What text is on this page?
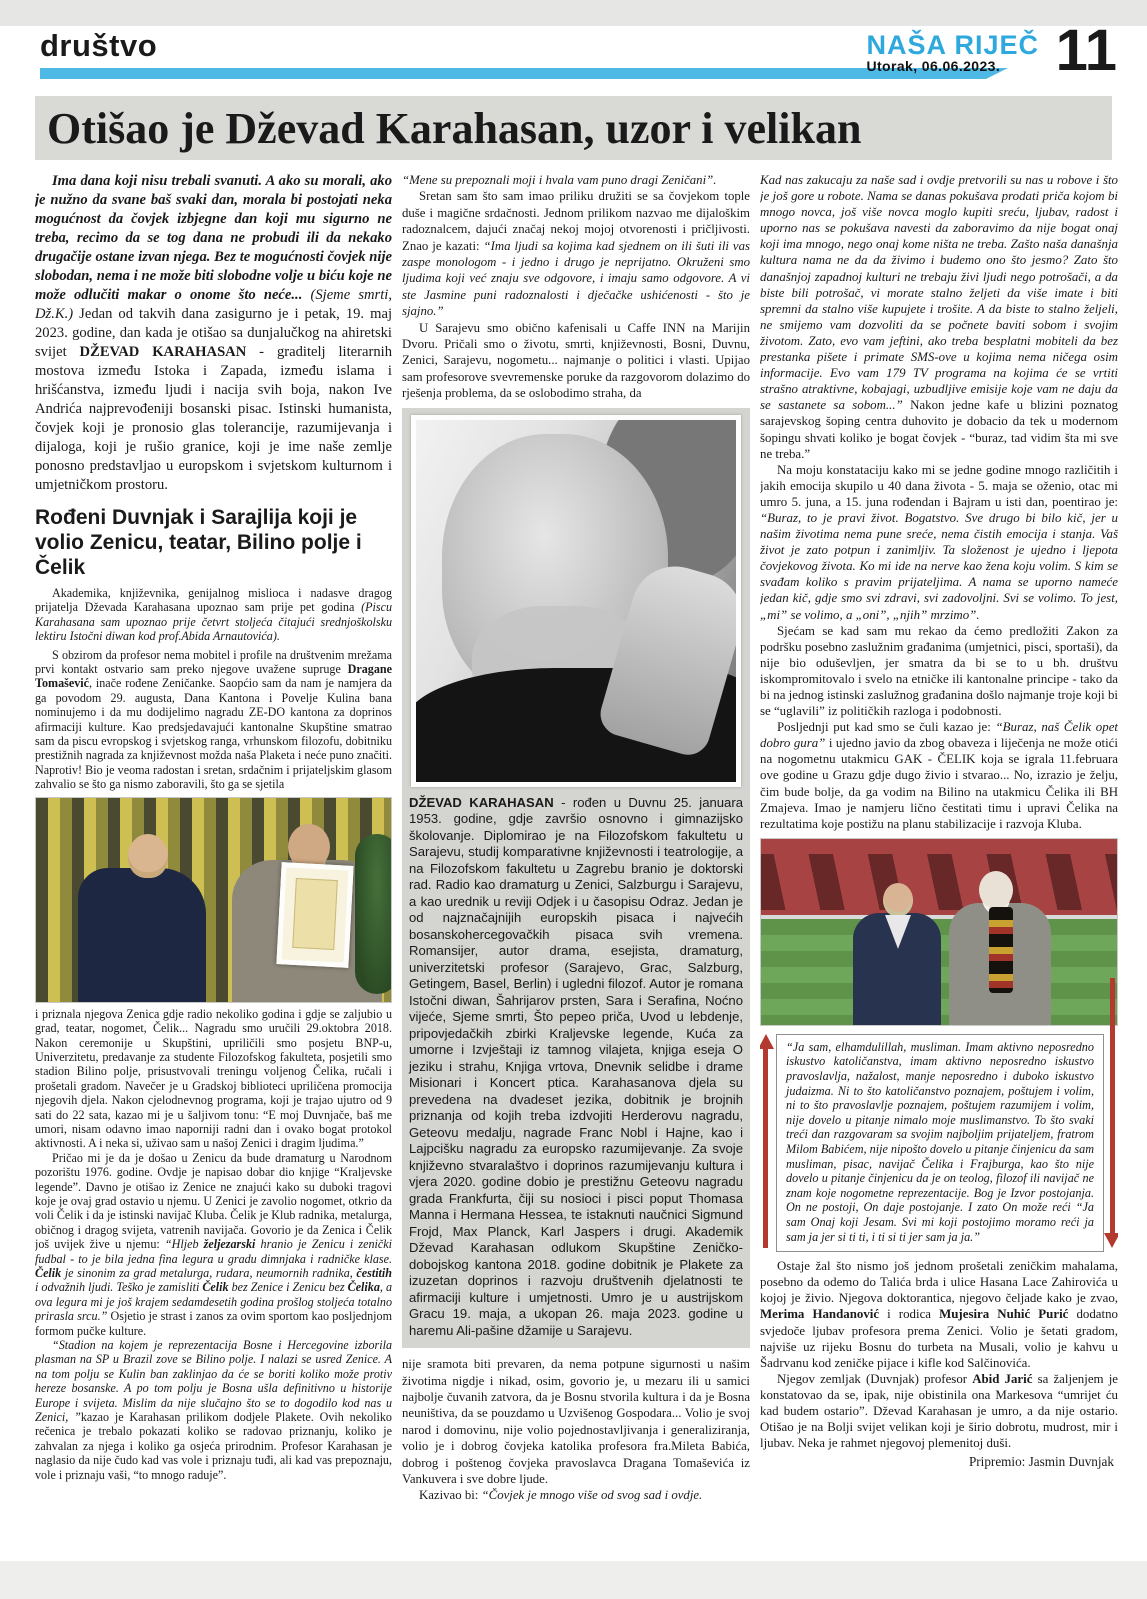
društvo	NAŠA RIJEČ
Utorak, 06.06.2023. 11
Otišao je Dževad Karahasan, uzor i velikan

Ima dana koji nisu trebali svanuti. A ako su morali, ako je nužno da svane baš svaki dan, morala bi postojati neka mogućnost da čovjek izbjegne dan koji mu sigurno ne treba, recimo da se tog dana ne probudi ili da nekako drugačije ostane izvan njega. Bez te mogućnosti čovjek nije slobodan, nema i ne može biti slobodne volje u biću koje ne može odlučiti makar o onome što neće... (Sjeme smrti, Dž.K.) Jedan od takvih dana zasigurno je i petak, 19. maj 2023. godine, dan kada je otišao sa dunjalučkog na ahiretski svijet DŽEVAD KARAHASAN - graditelj literarnih mostova između Istoka i Zapada, između islama i hrišćanstva, između ljudi i nacija svih boja, nakon Ive Andrića najprevođeniji bosanski pisac. Istinski humanista, čovjek koji je pronosio glas tolerancije, razumijevanja i dijaloga, koji je rušio granice, koji je ime naše zemlje ponosno predstavljao u europskom i svjetskom kulturnom i umjetničkom prostoru.

Rođeni Duvnjak i Sarajlija koji je volio Zenicu, teatar, Bilino polje i Čelik

Akademika, književnika, genijalnog mislioca i nadasve dragog prijatelja Dževada Karahasana upoznao sam prije pet godina (Piscu Karahasana sam upoznao prije četvrt stoljeća čitajući srednjoškolsku lektiru Istočni diwan kod prof.Abida Arnautovića).

S obzirom da profesor nema mobitel i profile na društvenim mrežama prvi kontakt ostvario sam preko njegove uvažene supruge Dragane Tomašević, inače rođene Zeničanke. Saopćio sam da nam je namjera da ga povodom 29. augusta, Dana Kantona i Povelje Kulina bana nominujemo i da mu dodijelimo nagradu ZE-DO kantona za doprinos afirmaciji kulture. Kao predsjedavajući kantonalne Skupštine smatrao sam da piscu evropskog i svjetskog ranga, vrhunskom filozofu, dobitniku prestižnih nagrada za književnost možda naša Plaketa i neće puno značiti. Naprotiv! Bio je veoma radostan i sretan, srdačnim i prijateljskim glasom zahvalio se što ga nismo zaboravili, što ga se sjetila

i priznala njegova Zenica gdje radio nekoliko godina i gdje se zaljubio u grad, teatar, nogomet, Čelik... Nagradu smo uručili 29.oktobra 2018. Nakon ceremonije u Skupštini, upriličili smo posjetu BNP-u, Univerzitetu, predavanje za studente Filozofskog fakulteta, posjetili smo stadion Bilino polje, prisustvovali treningu voljenog Čelika, ručali i prošetali gradom. Navečer je u Gradskoj biblioteci upriličena promocija njegovih djela. Nakon cjelodnevnog programa, koji je trajao ujutro od 9 sati do 22 sata, kazao mi je u šaljivom tonu: “E moj Duvnjače, baš me umori, nisam odavno imao naporniji radni dan i ovako bogat protokol aktivnosti. A i neka si, uživao sam u našoj Zenici i dragim ljudima.”

Pričao mi je da je došao u Zenicu da bude dramaturg u Narodnom pozorištu 1976. godine. Ovdje je napisao dobar dio knjige “Kraljevske legende”. Davno je otišao iz Zenice ne znajući kako su duboki tragovi koje je ovaj grad ostavio u njemu. U Zenici je zavolio nogomet, otkrio da voli Čelik i da je istinski navijač Kluba. Čelik je Klub radnika, metalurga, običnog i dragog svijeta, vatrenih navijača. Govorio je da Zenica i Čelik još uvijek žive u njemu: “Hljeb željezarski hranio je Zenicu i zenički fudbal - to je bila jedna fina legura u gradu dimnjaka i radničke klase. Čelik je sinonim za grad metalurga, rudara, neumornih radnika, čestitih i odvažnih ljudi. Teško je zamisliti Čelik bez Zenice i Zenicu bez Čelika, a ova legura mi je još krajem sedamdesetih godina prošlog stoljeća totalno prirasla srcu.” Osjetio je strast i zanos za ovim sportom kao posljednjom formom pučke kulture.

“Stadion na kojem je reprezentacija Bosne i Hercegovine izborila plasman na SP u Brazil zove se Bilino polje. I nalazi se usred Zenice. A na tom polju se Kulin ban zaklinjao da će se boriti koliko može protiv hereze bosanske. A po tom polju je Bosna ušla definitivno u historije Europe i svijeta. Mislim da nije slučajno što se to dogodilo kod nas u Zenici, ”kazao je Karahasan prilikom dodjele Plakete. Ovih nekoliko rečenica je trebalo pokazati koliko se radovao priznanju, koliko je zahvalan za njega i koliko ga osjeća prirodnim. Profesor Karahasan je naglasio da nije čudo kad vas vole i priznaju tuđi, ali kad vas prepoznaju, vole i priznaju vaši, “to mnogo raduje”.

“Mene su prepoznali moji i hvala vam puno dragi Zeničani”.

Sretan sam što sam imao priliku družiti se sa čovjekom tople duše i magične srdačnosti. Jednom prilikom nazvao me dijaloškim radoznalcem, dajući značaj nekoj mojoj otvorenosti i pričljivosti. Znao je kazati: “Ima ljudi sa kojima kad sjednem on ili šuti ili vas zaspe monologom - i jedno i drugo je neprijatno. Okruženi smo ljudima koji već znaju sve odgovore, i imaju samo odgovore. A vi ste Jasmine puni radoznalosti i dječačke ushićenosti - što je sjajno.”

U Sarajevu smo obično kafenisali u Caffe INN na Marijin Dvoru. Pričali smo o životu, smrti, književnosti, Bosni, Duvnu, Zenici, Sarajevu, nogometu... najmanje o politici i vlasti. Upijao sam profesorove svevremenske poruke da razgovorom dolazimo do rješenja problema, da se oslobodimo straha, da

DŽEVAD KARAHASAN - rođen u Duvnu 25. januara 1953. godine, gdje završio osnovno i gimnazijsko školovanje. Diplomirao je na Filozofskom fakultetu u Sarajevu, studij komparativne književnosti i teatrologije, a na Filozofskom fakultetu u Zagrebu branio je doktorski rad. Radio kao dramaturg u Zenici, Salzburgu i Sarajevu, a kao urednik u reviji Odjek i u časopisu Odraz. Jedan je od najznačajnijih europskih pisaca i najvećih bosanskohercegovačkih pisaca svih vremena. Romansijer, autor drama, esejista, dramaturg, univerzitetski profesor (Sarajevo, Grac, Salzburg, Getingem, Basel, Berlin) i ugledni filozof. Autor je romana Istočni diwan, Šahrijarov prsten, Sara i Serafina, Noćno vijeće, Sjeme smrti, Što pepeo priča, Uvod u lebdenje, pripovjedačkih zbirki Kraljevske legende, Kuća za umorne i Izvještaji iz tamnog vilajeta, knjiga eseja O jeziku i strahu, Knjiga vrtova, Dnevnik selidbe i drame Misionari i Koncert ptica. Karahasanova djela su prevedena na dvadeset jezika, dobitnik je brojnih priznanja od kojih treba izdvojiti Herderovu nagradu, Geteovu medalju, nagrade Franc Nobl i Hajne, kao i Lajpcišku nagradu za europsko razumijevanje. Za svoje književno stvaralaštvo i doprinos razumijevanju kultura i vjera 2020. godine dobio je prestižnu Geteovu nagradu grada Frankfurta, čiji su nosioci i pisci poput Thomasa Manna i Hermana Hessea, te istaknuti naučnici Sigmund Frojd, Max Planck, Karl Jaspers i drugi. Akademik Dževad Karahasan odlukom Skupštine Zeničko-dobojskog kantona 2018. godine dobitnik je Plakete za izuzetan doprinos i razvoju društvenih djelatnosti te afirmaciji kulture i umjetnosti. Umro je u austrijskom Gracu 19. maja, a ukopan 26. maja 2023. godine u haremu Ali-pašine džamije u Sarajevu.

nije sramota biti prevaren, da nema potpune sigurnosti u našim životima nigdje i nikad, osim, govorio je, u mezaru ili u samici najbolje čuvanih zatvora, da je Bosnu stvorila kultura i da je Bosna neuništiva, da se pouzdamo u Uzvišenog Gospodara... Volio je svoj narod i domovinu, nije volio pojednostavljivanja i generaliziranja, volio je i dobrog čovjeka katolika profesora fra.Mileta Babića, dobrog i poštenog čovjeka pravoslavca Dragana Tomaševića iz Vankuvera i sve dobre ljude.

Kazivao bi: “Čovjek je mnogo više od svog sad i ovdje.

Kad nas zakucaju za naše sad i ovdje pretvorili su nas u robove i što je još gore u robote. Nama se danas pokušava prodati priča kojom bi mnogo novca, još više novca moglo kupiti sreću, ljubav, radost i uporno nas se pokušava navesti da zaboravimo da nije bogat onaj koji ima mnogo, nego onaj kome ništa ne treba. Zašto naša današnja kultura nama ne da da živimo i budemo ono što jesmo? Zato što današnjoj zapadnoj kulturi ne trebaju živi ljudi nego potrošači, a da biste bili potrošač, vi morate stalno željeti da više imate i biti spremni da stalno više kupujete i trošite. A da biste to stalno željeli, ne smijemo vam dozvoliti da se počnete baviti sobom i svojim životom. Zato, evo vam jeftini, ako treba besplatni mobiteli da bez prestanka pišete i primate SMS-ove u kojima nema ničega osim informacije. Evo vam 179 TV programa na kojima će se vrtiti strašno atraktivne, kobajagi, uzbudljive emisije koje vam ne daju da se sastanete sa sobom...” Nakon jedne kafe u blizini poznatog sarajevskog šoping centra duhovito je dobacio da tek u modernom šopingu shvati koliko je bogat čovjek - “buraz, tad vidim šta mi sve ne treba.”

Na moju konstataciju kako mi se jedne godine mnogo različitih i jakih emocija skupilo u 40 dana života - 5. maja se oženio, otac mi umro 5. juna, a 15. juna rođendan i Bajram u isti dan, poentirao je: “Buraz, to je pravi život. Bogatstvo. Sve drugo bi bilo kič, jer u našim životima nema pune sreće, nema čistih emocija i stanja. Vaš život je zato potpun i zanimljiv. Ta složenost je ujedno i ljepota čovjekovog života. Ko mi ide na nerve kao žena koju volim. S kim se svađam koliko s pravim prijateljima. A nama se uporno nameće jedan kič, gdje smo svi zdravi, svi zadovoljni. Svi se volimo. To jest, „mi” se volimo, a „oni”, „njih” mrzimo”.

Sjećam se kad sam mu rekao da ćemo predložiti Zakon za podršku posebno zaslužnim građanima (umjetnici, pisci, sportaši), da nije bio oduševljen, jer smatra da bi se to u bh. društvu iskompromitovalo i svelo na etničke ili kantonalne principe - tako da bi na jednog istinski zaslužnog građanina došlo najmanje troje koji bi se “uglavili” iz političkih razloga i podobnosti.

Posljednji put kad smo se čuli kazao je: “Buraz, naš Čelik opet dobro gura” i ujedno javio da zbog obaveza i liječenja ne može otići na nogometnu utakmicu GAK - ČELIK koja se igrala 11.februara ove godine u Grazu gdje dugo živio i stvarao... No, izrazio je želju, čim bude bolje, da ga vodim na Bilino na utakmicu Čelika ili BH Zmajeva. Imao je namjeru lično čestitati timu i upravi Čelika na rezultatima koje postižu na planu stabilizacije i razvoja Kluba.

“Ja sam, elhamdulillah, musliman. Imam aktivno neposredno iskustvo katoličanstva, imam aktivno neposredno iskustvo pravoslavlja, nažalost, manje neposredno i duboko iskustvo judaizma. Ni to što katoličanstvo poznajem, poštujem i volim, ni to što pravoslavlje poznajem, poštujem razumijem i volim, nije dovelo u pitanje nimalo moje muslimanstvo. To što svaki treći dan razgovaram sa svojim najboljim prijateljem, fratrom Milom Babićem, nije nipošto dovelo u pitanje činjenicu da sam musliman, pisac, navijač Čelika i Frajburga, kao što nije dovelo u pitanje činjenicu da je on teolog, filozof ili navijač ne znam koje nogometne reprezentacije. Bog je Izvor postojanja. On ne postoji, On daje postojanje. I zato On može reći “Ja sam Onaj koji Jesam. Svi mi koji postojimo moramo reći ja sam ja jer si ti ti, i ti si ti jer sam ja ja.”

Ostaje žal što nismo još jednom prošetali zeničkim mahalama, posebno da odemo do Talića brda i ulice Hasana Lace Zahirovića u kojoj je živio. Njegova doktorantica, njegovo čeljade kako je zvao, Merima Handanović i rodica Mujesira Nuhić Purić dodatno svjedoče ljubav profesora prema Zenici. Volio je šetati gradom, najviše uz rijeku Bosnu do turbeta na Musali, volio je kahvu u Šadrvanu kod zeničke pijace i kifle kod Salčinovića.

Njegov zemljak (Duvnjak) profesor Abid Jarić sa žaljenjem je konstatovao da se, ipak, nije obistinila ona Markesova “umrijet ću kad budem ostario”. Dževad Karahasan je umro, a da nije ostario. Otišao je na Bolji svijet velikan koji je širio dobrotu, mudrost, mir i ljubav. Neka je rahmet njegovoj plemenitoj duši.

Pripremio: Jasmin Duvnjak
